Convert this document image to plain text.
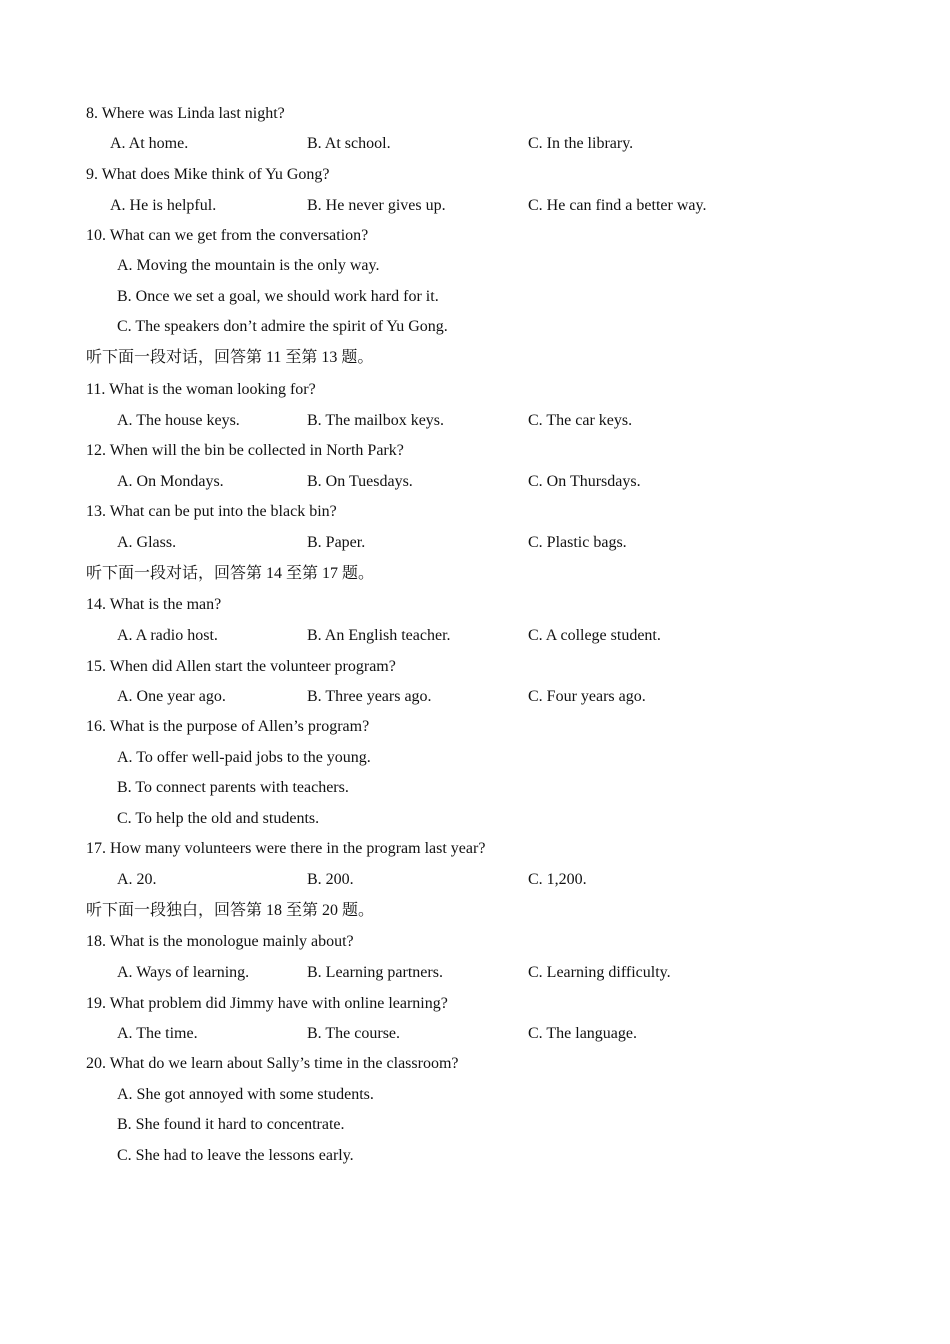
8. Where was Linda last night?
A. At home.	B. At school.	C. In the library.
9. What does Mike think of Yu Gong?
A. He is helpful.	B. He never gives up.	C. He can find a better way.
10. What can we get from the conversation?
A. Moving the mountain is the only way.
B. Once we set a goal, we should work hard for it.
C. The speakers don’t admire the spirit of Yu Gong.
听下面一段对话，回答第 11 至第 13 题。
11. What is the woman looking for?
A. The house keys.	B. The mailbox keys.	C. The car keys.
12. When will the bin be collected in North Park?
A. On Mondays.	B. On Tuesdays.	C. On Thursdays.
13. What can be put into the black bin?
A. Glass.	B. Paper.	C. Plastic bags.
听下面一段对话，回答第 14 至第 17 题。
14. What is the man?
A. A radio host.	B. An English teacher.	C. A college student.
15. When did Allen start the volunteer program?
A. One year ago.	B. Three years ago.	C. Four years ago.
16. What is the purpose of Allen’s program?
A. To offer well-paid jobs to the young.
B. To connect parents with teachers.
C. To help the old and students.
17. How many volunteers were there in the program last year?
A. 20.	B. 200.	C. 1,200.
听下面一段独白，回答第 18 至第 20 题。
18. What is the monologue mainly about?
A. Ways of learning.	B. Learning partners.	C. Learning difficulty.
19. What problem did Jimmy have with online learning?
A. The time.	B. The course.	C. The language.
20. What do we learn about Sally’s time in the classroom?
A. She got annoyed with some students.
B. She found it hard to concentrate.
C. She had to leave the lessons early.
